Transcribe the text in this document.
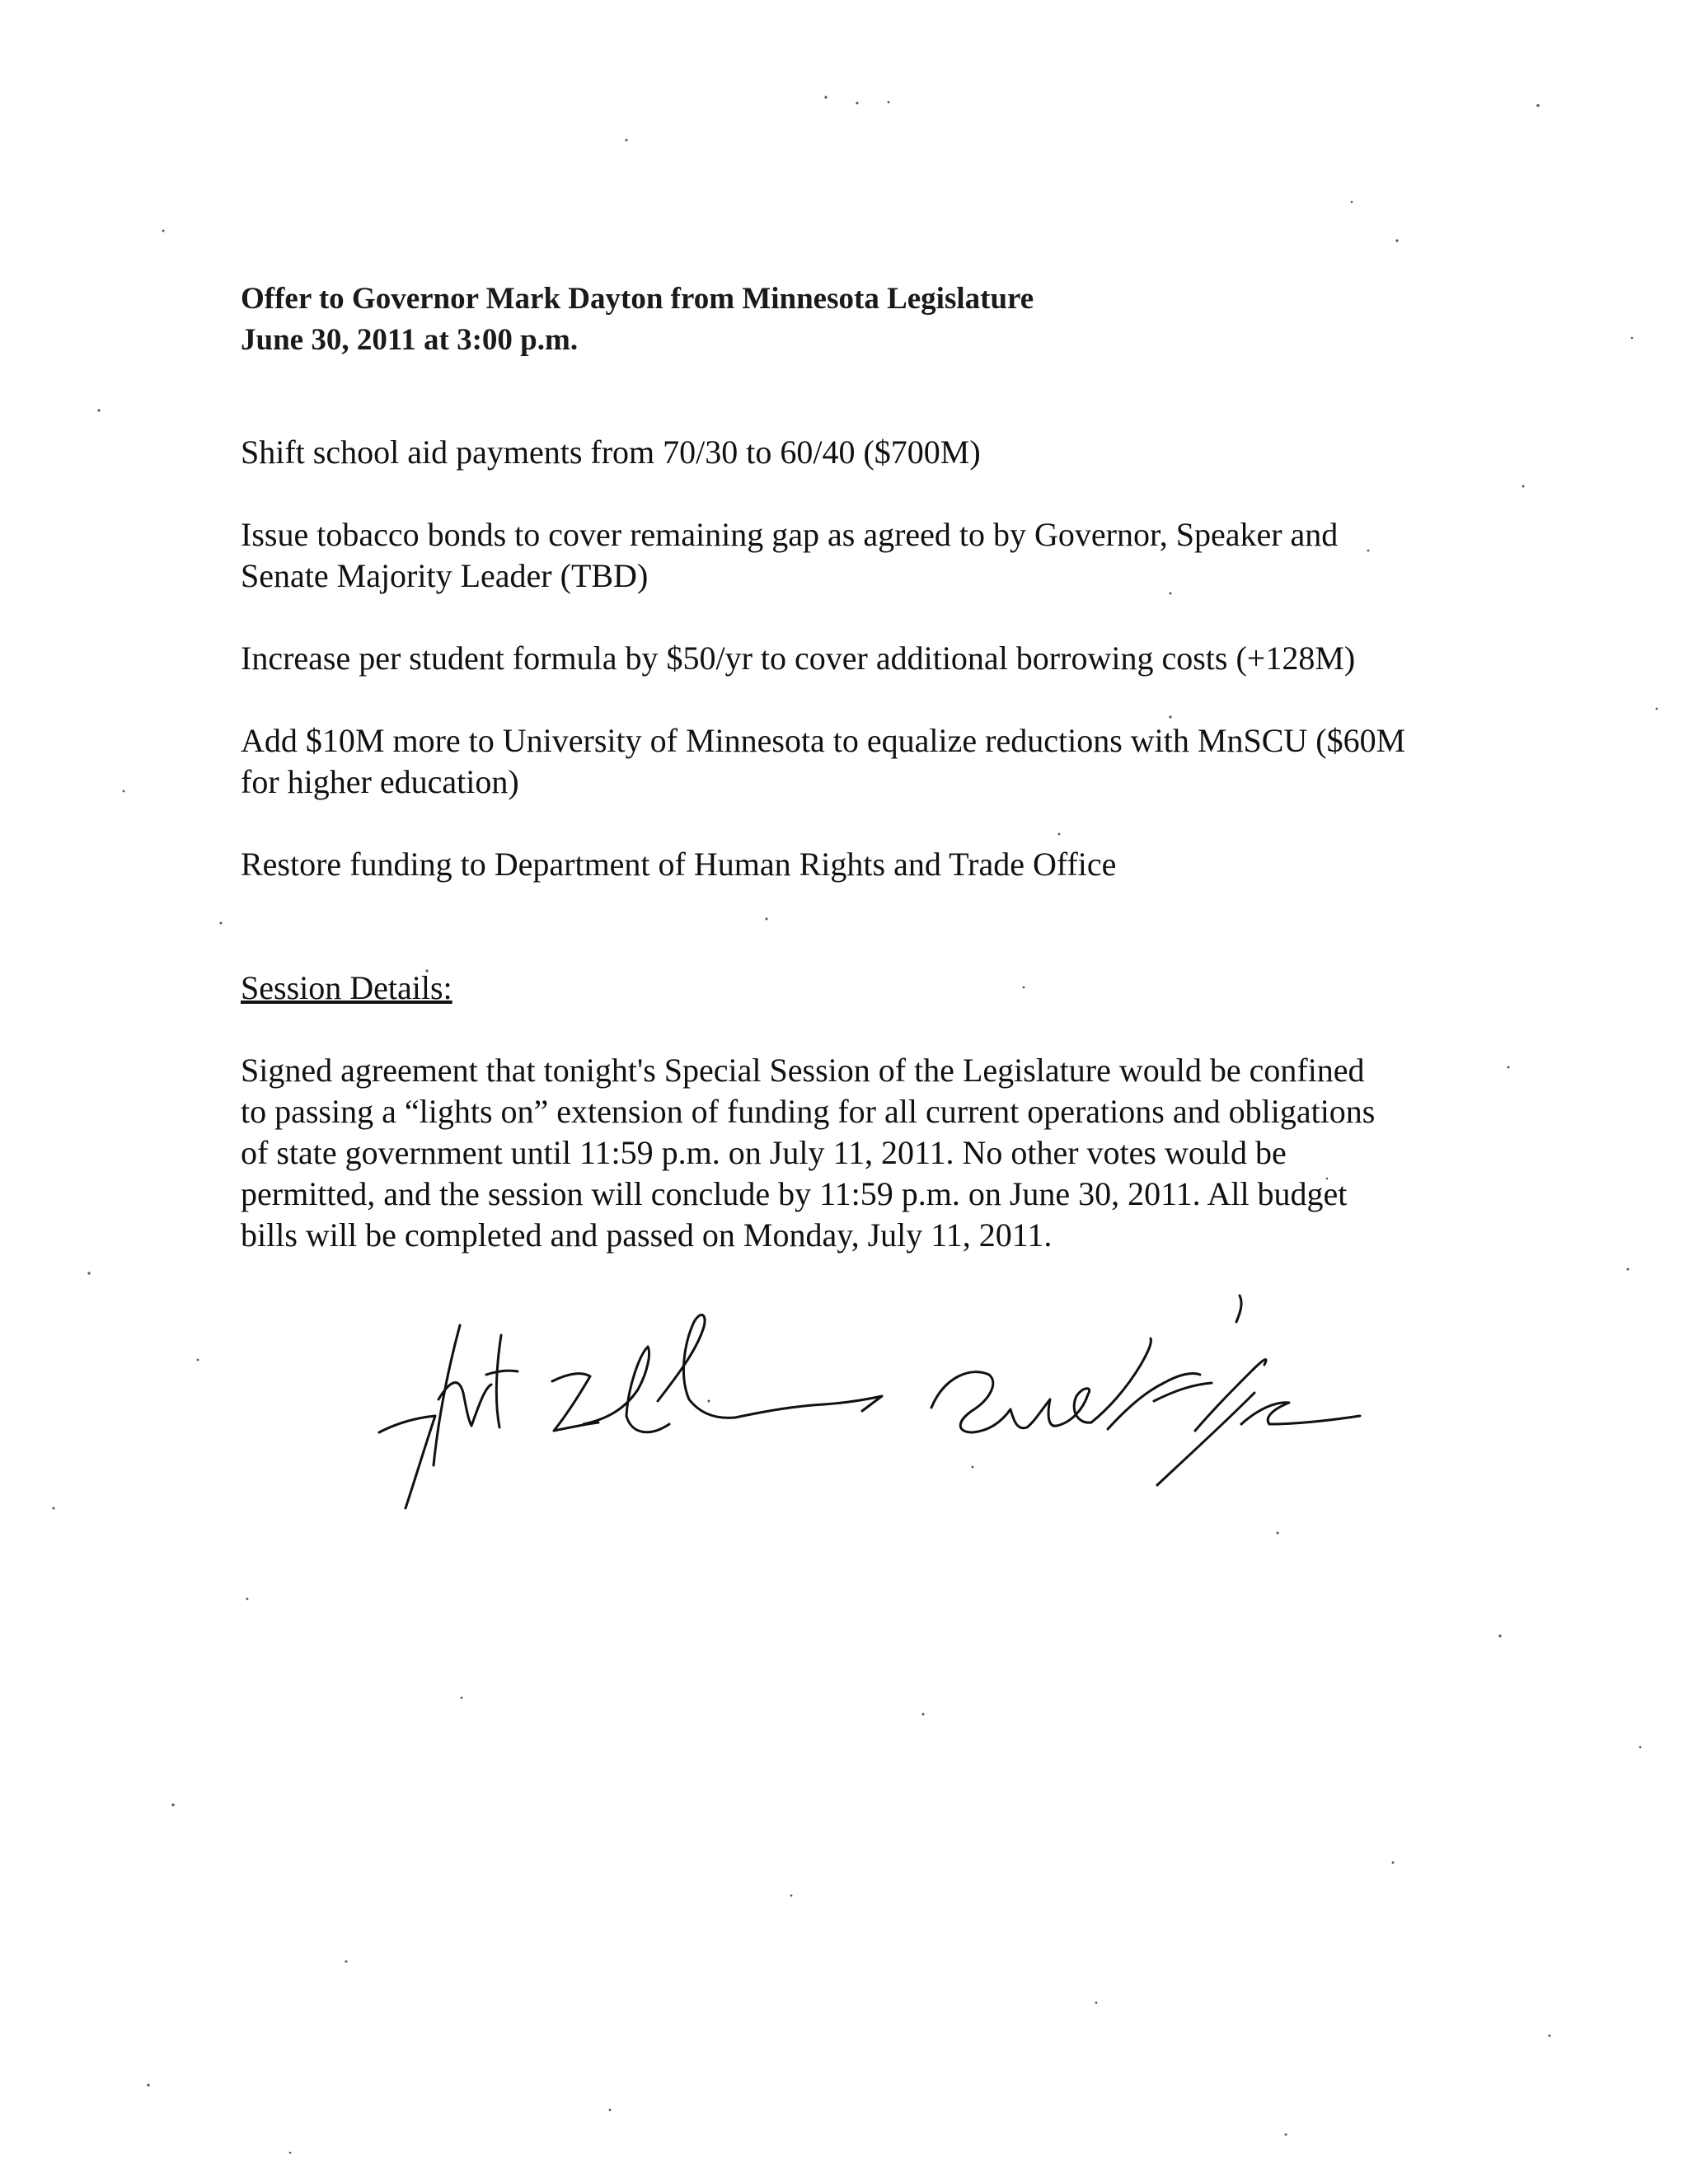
Offer to Governor Mark Dayton from Minnesota Legislature
June 30, 2011 at 3:00 p.m.

Shift school aid payments from 70/30 to 60/40 ($700M)

Issue tobacco bonds to cover remaining gap as agreed to by Governor, Speaker and Senate Majority Leader (TBD)

Increase per student formula by $50/yr to cover additional borrowing costs (+128M)

Add $10M more to University of Minnesota to equalize reductions with MnSCU ($60M for higher education)

Restore funding to Department of Human Rights and Trade Office

Session Details:

Signed agreement that tonight's Special Session of the Legislature would be confined to passing a “lights on” extension of funding for all current operations and obligations of state government until 11:59 p.m. on July 11, 2011. No other votes would be permitted, and the session will conclude by 11:59 p.m. on June 30, 2011. All budget bills will be completed and passed on Monday, July 11, 2011.
